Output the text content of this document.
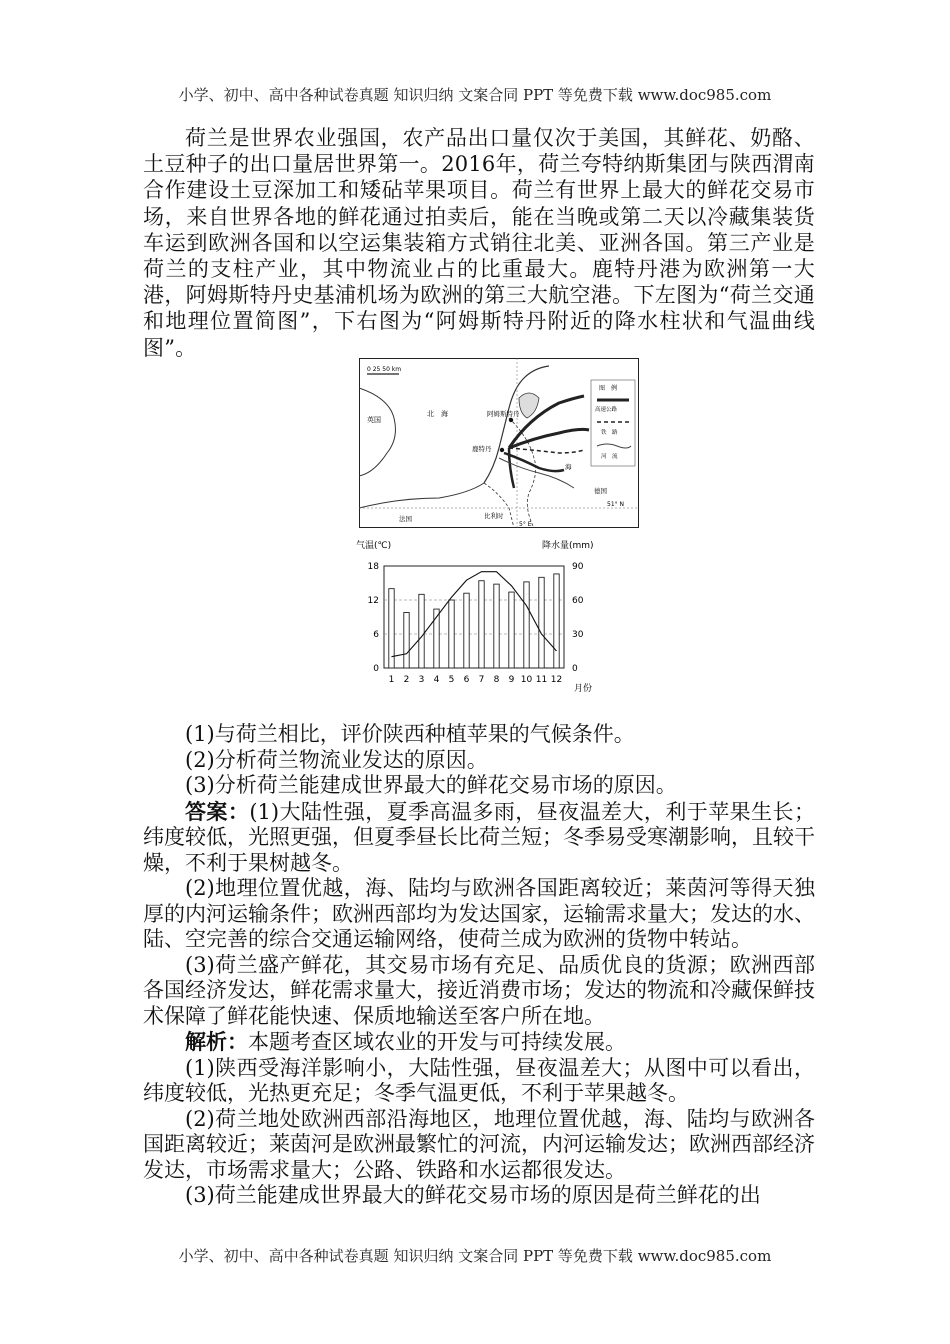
小学、初中、高中各种试卷真题 知识归纳 文案合同 PPT 等免费下载 www.doc985.com

荷兰是世界农业强国，农产品出口量仅次于美国，其鲜花、奶酪、土豆种子的出口量居世界第一。2016年，荷兰夸特纳斯集团与陕西渭南合作建设土豆深加工和矮砧苹果项目。荷兰有世界上最大的鲜花交易市场，来自世界各地的鲜花通过拍卖后，能在当晚或第二天以冷藏集装货车运到欧洲各国和以空运集装箱方式销往北美、亚洲各国。第三产业是荷兰的支柱产业，其中物流业占的比重最大。鹿特丹港为欧洲第一大港，阿姆斯特丹史基浦机场为欧洲的第三大航空港。下左图为“荷兰交通和地理位置简图”，下右图为“阿姆斯特丹附近的降水柱状和气温曲线图”。

0 25 50 km
英国
北　海	阿姆斯特丹
鹿特丹
海
德国
法国	比利时
5° E
51° N
图　例
高速公路
铁　路
河　流
气温(℃)	降水量(mm)
0
6
12
18
0
30
60
90
1 2 3 4 5 6 7 8 9 10 11 12
月份

(1)与荷兰相比，评价陕西种植苹果的气候条件。

(2)分析荷兰物流业发达的原因。

(3)分析荷兰能建成世界最大的鲜花交易市场的原因。

答案：(1)大陆性强，夏季高温多雨，昼夜温差大，利于苹果生长；纬度较低，光照更强，但夏季昼长比荷兰短；冬季易受寒潮影响，且较干燥，不利于果树越冬。

(2)地理位置优越，海、陆均与欧洲各国距离较近；莱茵河等得天独厚的内河运输条件；欧洲西部均为发达国家，运输需求量大；发达的水、陆、空完善的综合交通运输网络，使荷兰成为欧洲的货物中转站。

(3)荷兰盛产鲜花，其交易市场有充足、品质优良的货源；欧洲西部各国经济发达，鲜花需求量大，接近消费市场；发达的物流和冷藏保鲜技术保障了鲜花能快速、保质地输送至客户所在地。

解析：本题考查区域农业的开发与可持续发展。

(1)陕西受海洋影响小，大陆性强，昼夜温差大；从图中可以看出，纬度较低，光热更充足；冬季气温更低，不利于苹果越冬。

(2)荷兰地处欧洲西部沿海地区，地理位置优越，海、陆均与欧洲各国距离较近；莱茵河是欧洲最繁忙的河流，内河运输发达；欧洲西部经济发达，市场需求量大；公路、铁路和水运都很发达。

(3)荷兰能建成世界最大的鲜花交易市场的原因是荷兰鲜花的出

小学、初中、高中各种试卷真题 知识归纳 文案合同 PPT 等免费下载 www.doc985.com
